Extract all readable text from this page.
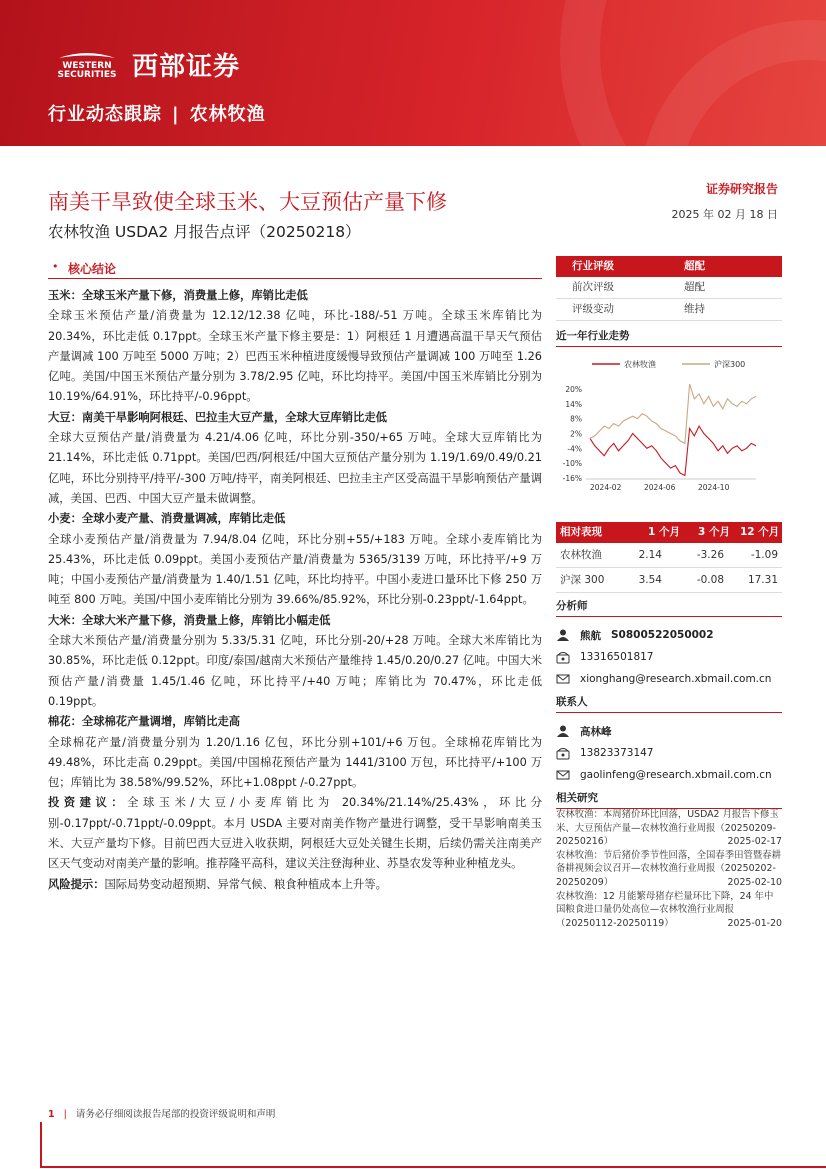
WESTERN SECURITIES 西部证券
行业动态跟踪 | 农林牧渔
南美干旱致使全球玉米、大豆预估产量下修
农林牧渔 USDA2 月报告点评（20250218）
证券研究报告
2025 年 02 月 18 日
• 核心结论

玉米：全球玉米产量下修，消费量上修，库销比走低

全球玉米预估产量/消费量为 12.12/12.38 亿吨，环比-188/-51 万吨。全球玉米库销比为 20.34%，环比走低 0.17ppt。全球玉米产量下修主要是：1）阿根廷 1 月遭遇高温干旱天气预估产量调减 100 万吨至 5000 万吨；2）巴西玉米种植进度缓慢导致预估产量调减 100 万吨至 1.26 亿吨。美国/中国玉米预估产量分别为 3.78/2.95 亿吨，环比均持平。美国/中国玉米库销比分别为 10.19%/64.91%，环比持平/-0.96ppt。

大豆：南美干旱影响阿根廷、巴拉圭大豆产量，全球大豆库销比走低

全球大豆预估产量/消费量为 4.21/4.06 亿吨，环比分别-350/+65 万吨。全球大豆库销比为 21.14%，环比走低 0.71ppt。美国/巴西/阿根廷/中国大豆预估产量分别为 1.19/1.69/0.49/0.21 亿吨，环比分别持平/持平/-300 万吨/持平，南美阿根廷、巴拉圭主产区受高温干旱影响预估产量调减，美国、巴西、中国大豆产量未做调整。

小麦：全球小麦产量、消费量调减，库销比走低

全球小麦预估产量/消费量为 7.94/8.04 亿吨，环比分别+55/+183 万吨。全球小麦库销比为 25.43%，环比走低 0.09ppt。美国小麦预估产量/消费量为 5365/3139 万吨，环比持平/+9 万吨；中国小麦预估产量/消费量为 1.40/1.51 亿吨，环比均持平。中国小麦进口量环比下修 250 万吨至 800 万吨。美国/中国小麦库销比分别为 39.66%/85.92%，环比分别-0.23ppt/-1.64ppt。

大米：全球大米产量下修，消费量上修，库销比小幅走低

全球大米预估产量/消费量分别为 5.33/5.31 亿吨，环比分别-20/+28 万吨。全球大米库销比为 30.85%，环比走低 0.12ppt。印度/泰国/越南大米预估产量维持 1.45/0.20/0.27 亿吨。中国大米预估产量/消费量 1.45/1.46 亿吨，环比持平/+40 万吨；库销比为 70.47%，环比走低 0.19ppt。

棉花：全球棉花产量调增，库销比走高

全球棉花产量/消费量分别为 1.20/1.16 亿包，环比分别+101/+6 万包。全球棉花库销比为 49.48%，环比走高 0.29ppt。美国/中国棉花预估产量为 1441/3100 万包，环比持平/+100 万包；库销比为 38.58%/99.52%，环比+1.08ppt /-0.27ppt。

投资建议：全球玉米/大豆/小麦库销比为 20.34%/21.14%/25.43%，环比分别-0.17ppt/-0.71ppt/-0.09ppt。本月 USDA 主要对南美作物产量进行调整，受干旱影响南美玉米、大豆产量均下修。目前巴西大豆进入收获期，阿根廷大豆处关键生长期，后续仍需关注南美产区天气变动对南美产量的影响。推荐隆平高科，建议关注登海种业、苏垦农发等种业种植龙头。

风险提示：国际局势变动超预期、异常气候、粮食种植成本上升等。

行业评级	超配
前次评级	超配
评级变动	维持
近一年行业走势
农林牧渔	沪深300
20%
14%
8%
2%
-4%
-10%
-16%
2024-02	2024-06	2024-10
相对表现	1 个月 3 个月 12 个月
农林牧渔	2.14	-3.26	-1.09
沪深 300	3.54	-0.08 17.31
分析师
熊航 S0800522050002
13316501817
xionghang@research.xbmail.com.cn
联系人
高林峰
13823373147
gaolinfeng@research.xbmail.com.cn
相关研究
农林牧渔：本周猪价环比回落，USDA2 月报告下修玉米、大豆预估产量—农林牧渔行业周报（20250209-20250216）	2025-02-17
农林牧渔：节后猪价季节性回落，全国春季田管暨春耕备耕视频会议召开—农林牧渔行业周报（20250202-20250209）	2025-02-10
农林牧渔：12 月能繁母猪存栏量环比下降，24 年中国粮食进口量仍处高位—农林牧渔行业周报（20250112-20250119）	2025-01-20
1 | 请务必仔细阅读报告尾部的投资评级说明和声明
